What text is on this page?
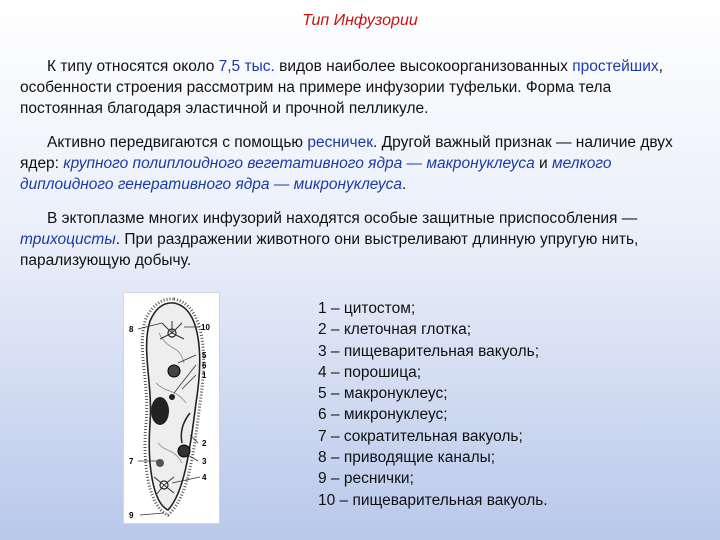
Тип Инфузории

К типу относятся около 7,5 тыс. видов наиболее высокоорганизованных простейших, особенности строения рассмотрим на примере инфузории туфельки. Форма тела постоянная благодаря эластичной и прочной пелликуле.

Активно передвигаются с помощью ресничек. Другой важный признак — наличие двух ядер: крупного полиплоидного вегетативного ядра — макронуклеуса и мелкого диплоидного генеративного ядра — микронуклеуса.

В эктоплазме многих инфузорий находятся особые защитные приспособления — трихоцисты. При раздражении животного они выстреливают длинную упругую нить, парализующую добычу.

8	10
5
6
1
2
3
7
4
9
1 – цитостом;
2 – клеточная глотка;
3 – пищеварительная вакуоль;
4 – порошица;
5 – макронуклеус;
6 – микронуклеус;
7 – сократительная вакуоль;
8 – приводящие каналы;
9 – реснички;
10 – пищеварительная вакуоль.
